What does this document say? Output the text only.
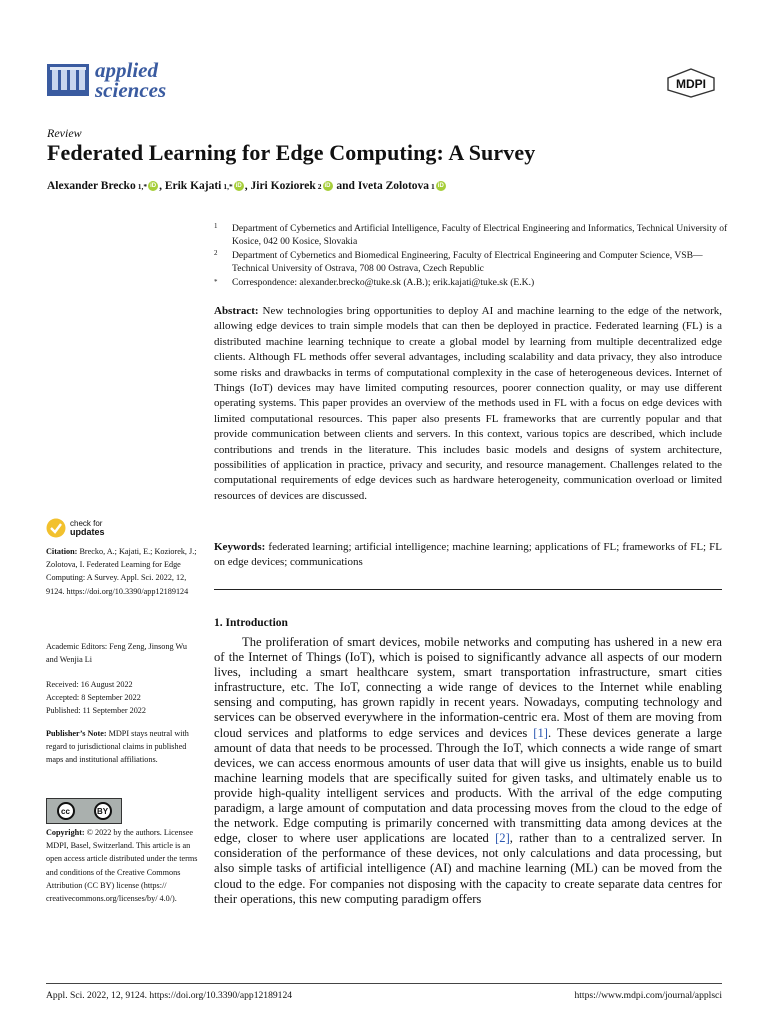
applied
sciences	MDPI
Review
Federated Learning for Edge Computing: A Survey
Alexander Brecko 1,* iD , Erik Kajati 1,* iD , Jiri Koziorek 2 iD and Iveta Zolotova 1 iD
1 Department of Cybernetics and Artificial Intelligence, Faculty of Electrical Engineering and Informatics, Technical University of Kosice, 042 00 Kosice, Slovakia
2 Department of Cybernetics and Biomedical Engineering, Faculty of Electrical Engineering and Computer Science, VSB—Technical University of Ostrava, 708 00 Ostrava, Czech Republic
* Correspondence: alexander.brecko@tuke.sk (A.B.); erik.kajati@tuke.sk (E.K.)
Abstract: New technologies bring opportunities to deploy AI and machine learning to the edge of the network, allowing edge devices to train simple models that can then be deployed in practice. Federated learning (FL) is a distributed machine learning technique to create a global model by learning from multiple decentralized edge clients. Although FL methods offer several advantages, including scalability and data privacy, they also introduce some risks and drawbacks in terms of computational complexity in the case of heterogeneous devices. Internet of Things (IoT) devices may have limited computing resources, poorer connection quality, or may use different operating systems. This paper provides an overview of the methods used in FL with a focus on edge devices with limited computational resources. This paper also presents FL frameworks that are currently popular and that provide communication between clients and servers. In this context, various topics are described, which include contributions and trends in the literature. This includes basic models and designs of system architecture, possibilities of application in practice, privacy and security, and resource management. Challenges related to the computational requirements of edge devices such as hardware heterogeneity, communication overload or limited resources of devices are discussed.
Keywords: federated learning; artificial intelligence; machine learning; applications of FL; frameworks of FL; FL on edge devices; communications
1. Introduction
The proliferation of smart devices, mobile networks and computing has ushered in a new era of the Internet of Things (IoT), which is poised to significantly advance all aspects of our modern lives, including a smart healthcare system, smart transportation infrastructure, smart cities infrastructure, etc. The IoT, connecting a wide range of devices to the Internet while enabling sensing and computing, has grown rapidly in recent years. Nowadays, computing technology and services can be observed everywhere in the information-centric era. Most of them are moving from cloud services and platforms to edge services and devices [1]. These devices generate a large amount of data that needs to be processed. Through the IoT, which connects a wide range of smart devices, we can access enormous amounts of user data that will give us insights, enable us to build machine learning models that are specifically suited for given tasks, and ultimately enable us to provide high-quality intelligent services and products. With the arrival of the edge computing paradigm, a large amount of computation and data processing moves from the cloud to the edge of the network. Edge computing is primarily concerned with transmitting data among devices at the edge, closer to where user applications are located [2], rather than to a centralized server. In consideration of the performance of these devices, not only calculations and data processing, but also simple tasks of artificial intelligence (AI) and machine learning (ML) can be moved from the cloud to the edge. For companies not disposing with the capacity to create separate data centres for their operations, this new computing paradigm offers
check for
updates
Citation: Brecko, A.; Kajati, E.; Koziorek, J.; Zolotova, I. Federated Learning for Edge Computing: A Survey. Appl. Sci. 2022, 12, 9124. https://doi.org/10.3390/app12189124
Academic Editors: Feng Zeng, Jinsong Wu and Wenjia Li
Received: 16 August 2022
Accepted: 8 September 2022
Published: 11 September 2022
Publisher’s Note: MDPI stays neutral with regard to jurisdictional claims in published maps and institutional affiliations.
cc	BY
Copyright: © 2022 by the authors. Licensee MDPI, Basel, Switzerland. This article is an open access article distributed under the terms and conditions of the Creative Commons Attribution (CC BY) license (https:// creativecommons.org/licenses/by/ 4.0/).
Appl. Sci. 2022, 12, 9124. https://doi.org/10.3390/app12189124	https://www.mdpi.com/journal/applsci
